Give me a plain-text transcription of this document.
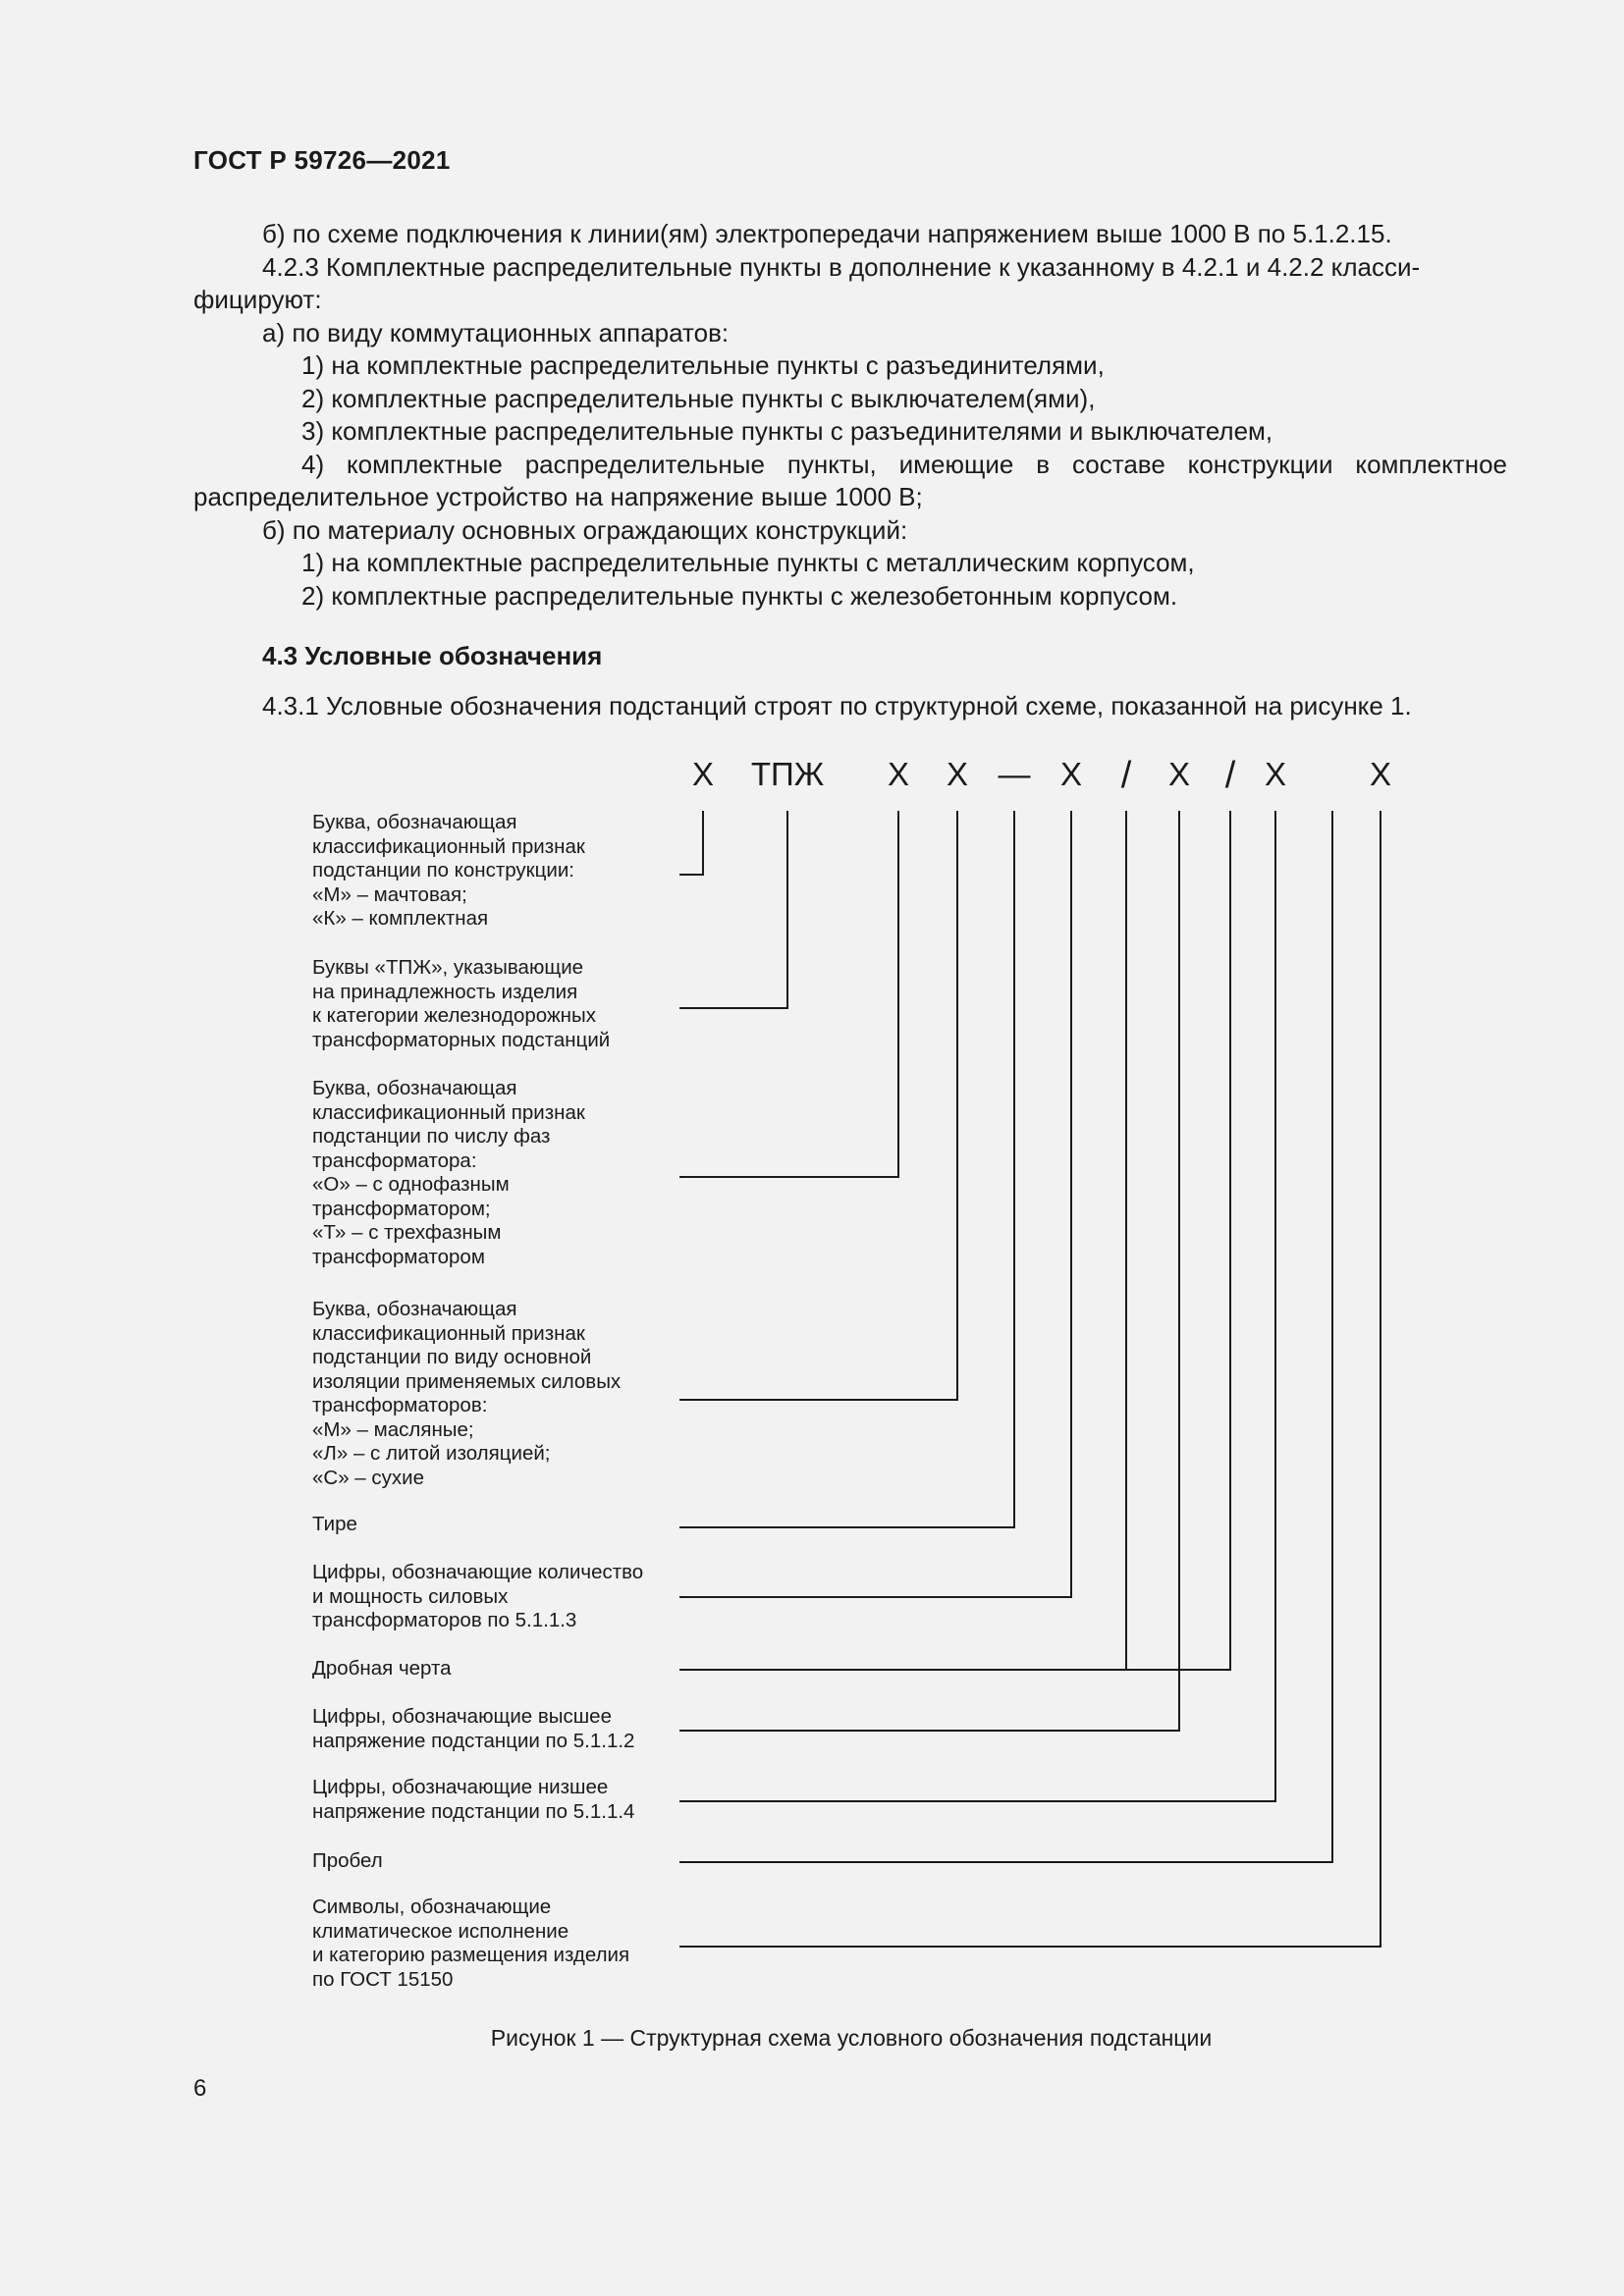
ГОСТ Р 59726—2021

б) по схеме подключения к линии(ям) электропередачи напряжением выше 1000 В по 5.1.2.15.

4.2.3 Комплектные распределительные пункты в дополнение к указанному в 4.2.1 и 4.2.2 класси-фицируют:

а) по виду коммутационных аппаратов:

1) на комплектные распределительные пункты с разъединителями,

2) комплектные распределительные пункты с выключателем(ями),

3) комплектные распределительные пункты с разъединителями и выключателем,

4) комплектные распределительные пункты, имеющие в составе конструкции комплектное распределительное устройство на напряжение выше 1000 В;

б) по материалу основных ограждающих конструкций:

1) на комплектные распределительные пункты с металлическим корпусом,

2) комплектные распределительные пункты с железобетонным корпусом.

4.3 Условные обозначения
4.3.1 Условные обозначения подстанций строят по структурной схеме, показанной на рисунке 1.
Х ТПЖ Х Х — Х / Х / Х	Х
Буква, обозначающая
классификационный признак
подстанции по конструкции:
«М» – мачтовая;
«К» – комплектная
Буквы «ТПЖ», указывающие
на принадлежность изделия
к категории железнодорожных
трансформаторных подстанций
Буква, обозначающая
классификационный признак
подстанции по числу фаз
трансформатора:
«О» – с однофазным
трансформатором;
«Т» – с трехфазным
трансформатором
Буква, обозначающая
классификационный признак
подстанции по виду основной
изоляции применяемых силовых
трансформаторов:
«М» – масляные;
«Л» – с литой изоляцией;
«С» – сухие
Тире
Цифры, обозначающие количество
и мощность силовых
трансформаторов по 5.1.1.3
Дробная черта
Цифры, обозначающие высшее
напряжение подстанции по 5.1.1.2
Цифры, обозначающие низшее
напряжение подстанции по 5.1.1.4
Пробел
Символы, обозначающие
климатическое исполнение
и категорию размещения изделия
по ГОСТ 15150
Рисунок 1 — Структурная схема условного обозначения подстанции
6
